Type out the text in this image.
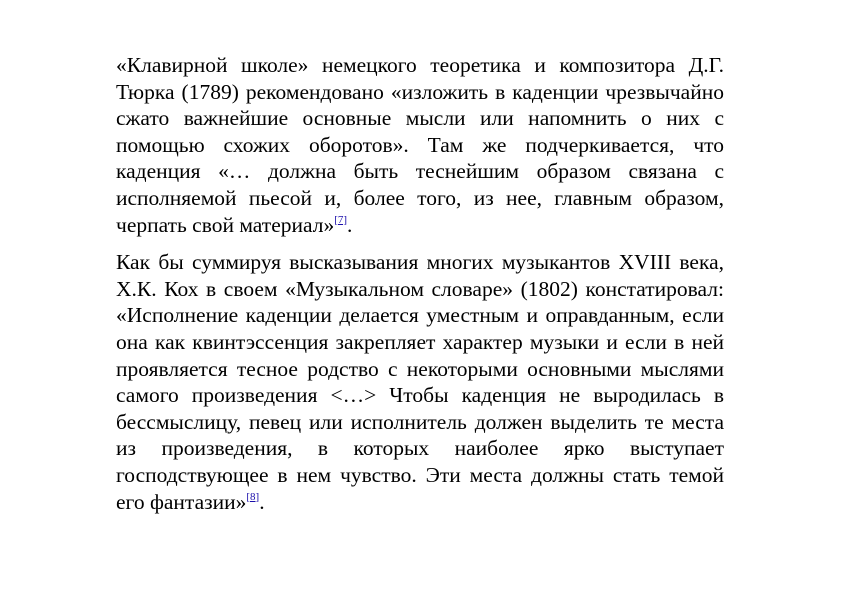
«Клавирной школе» немецкого теоретика и композитора Д.Г. Тюрка (1789) рекомендовано «изложить в каденции чрезвычайно сжато важнейшие основные мысли или напомнить о них с помощью схожих оборотов». Там же подчеркивается, что каденция «… должна быть теснейшим образом связана с исполняемой пьесой и, более того, из нее, главным образом, черпать свой материал»[7].

Как бы суммируя высказывания многих музыкантов XVIII века, Х.К. Кох в своем «Музыкальном словаре» (1802) констатировал: «Исполнение каденции делается уместным и оправданным, если она как квинтэссенция закрепляет характер музыки и если в ней проявляется тесное родство с некоторыми основными мыслями самого произведения <…> Чтобы каденция не выродилась в бессмыслицу, певец или исполнитель должен выделить те места из произведения, в которых наиболее ярко выступает господствующее в нем чувство. Эти места должны стать темой его фантазии»[8].
